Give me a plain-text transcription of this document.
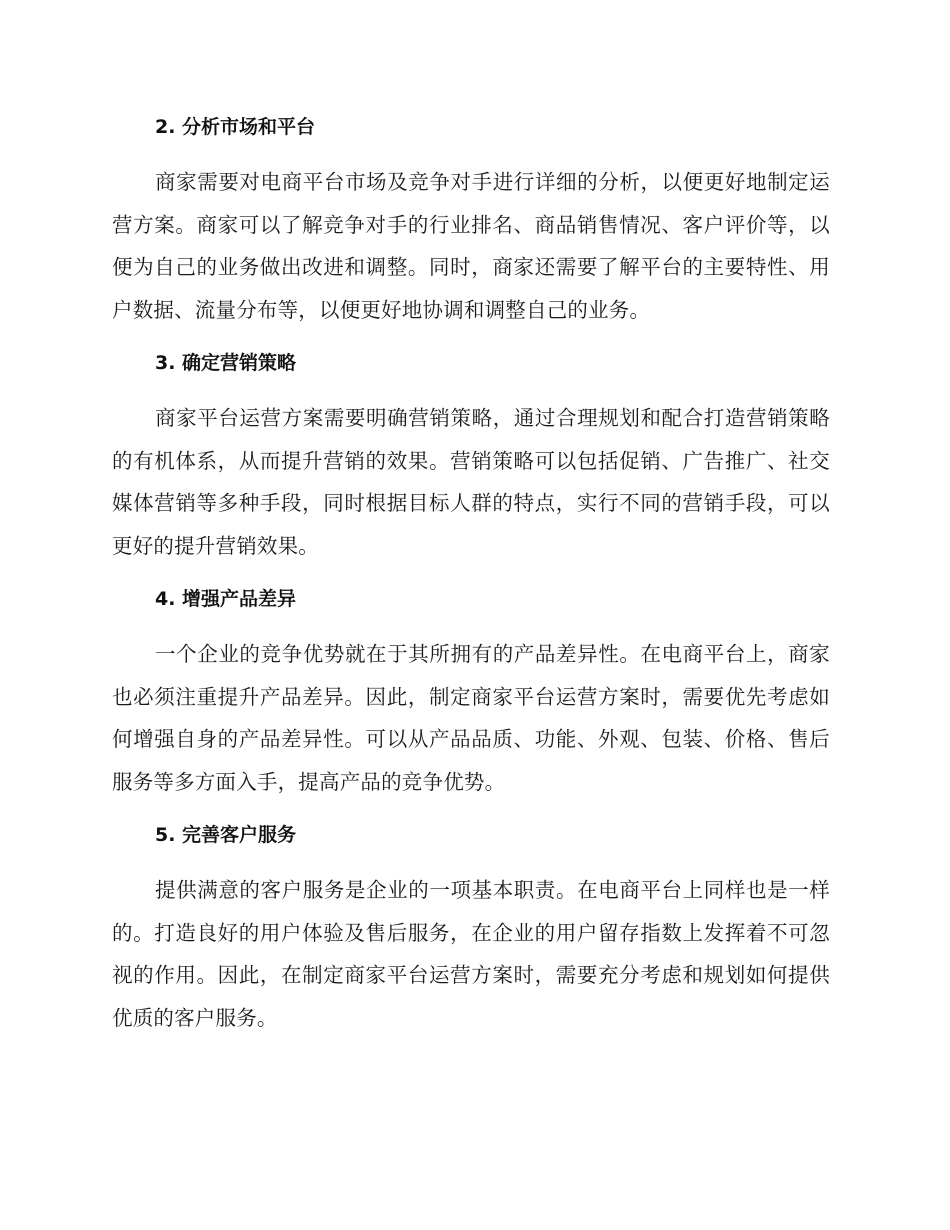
2. 分析市场和平台

商家需要对电商平台市场及竞争对手进行详细的分析，以便更好地制定运营方案。商家可以了解竞争对手的行业排名、商品销售情况、客户评价等，以便为自己的业务做出改进和调整。同时，商家还需要了解平台的主要特性、用户数据、流量分布等，以便更好地协调和调整自己的业务。

3. 确定营销策略

商家平台运营方案需要明确营销策略，通过合理规划和配合打造营销策略的有机体系，从而提升营销的效果。营销策略可以包括促销、广告推广、社交媒体营销等多种手段，同时根据目标人群的特点，实行不同的营销手段，可以更好的提升营销效果。

4. 增强产品差异

一个企业的竞争优势就在于其所拥有的产品差异性。在电商平台上，商家也必须注重提升产品差异。因此，制定商家平台运营方案时，需要优先考虑如何增强自身的产品差异性。可以从产品品质、功能、外观、包装、价格、售后服务等多方面入手，提高产品的竞争优势。

5. 完善客户服务

提供满意的客户服务是企业的一项基本职责。在电商平台上同样也是一样的。打造良好的用户体验及售后服务，在企业的用户留存指数上发挥着不可忽视的作用。因此，在制定商家平台运营方案时，需要充分考虑和规划如何提供优质的客户服务。
